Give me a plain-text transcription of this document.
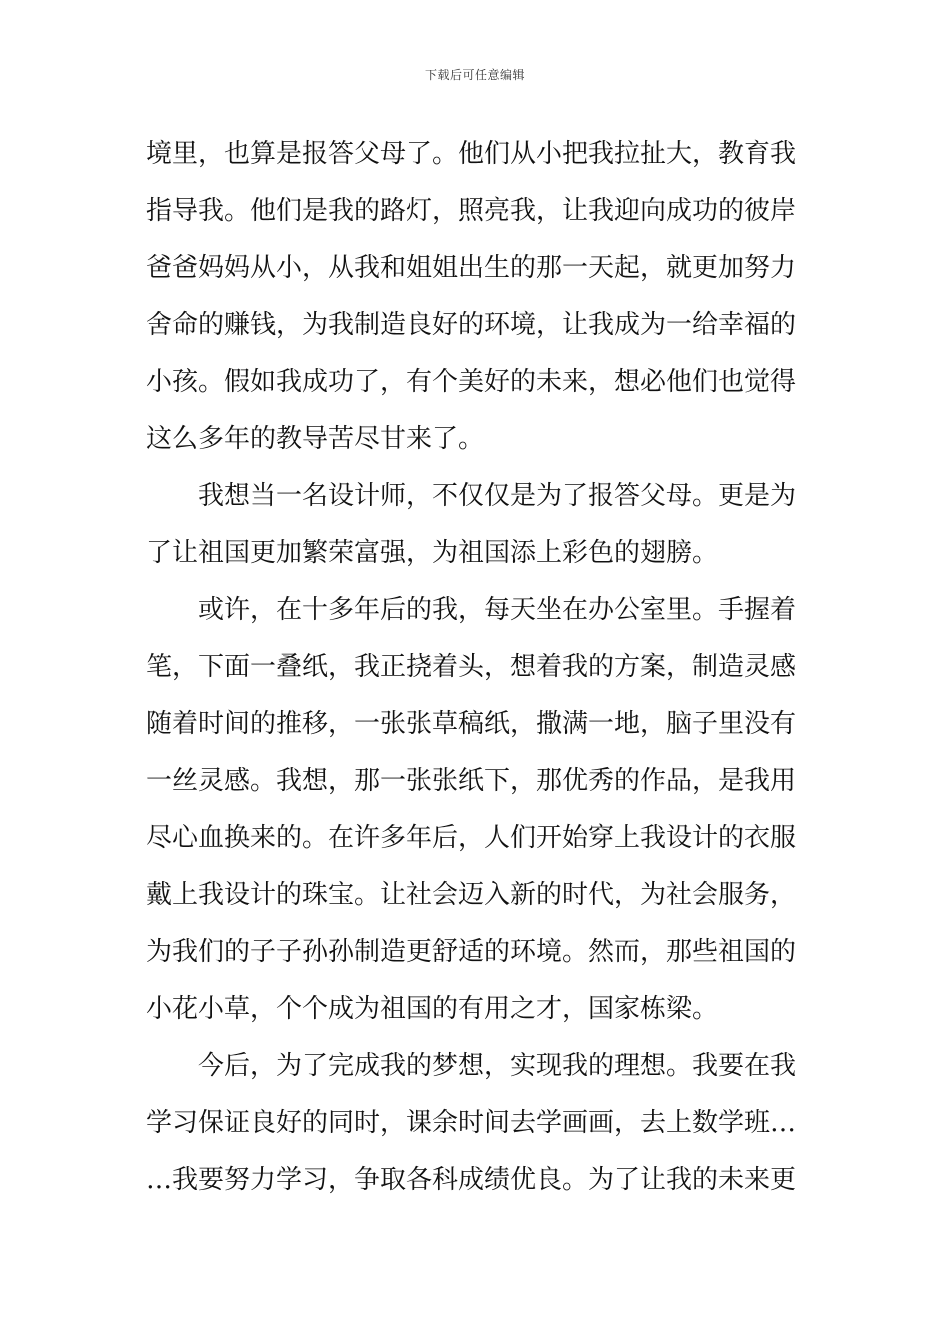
下载后可任意编辑
境里，也算是报答父母了。他们从小把我拉扯大，教育我
指导我。他们是我的路灯，照亮我，让我迎向成功的彼岸
爸爸妈妈从小，从我和姐姐出生的那一天起，就更加努力
舍命的赚钱，为我制造良好的环境，让我成为一给幸福的
小孩。假如我成功了，有个美好的未来，想必他们也觉得
这么多年的教导苦尽甘来了。
我想当一名设计师，不仅仅是为了报答父母。更是为
了让祖国更加繁荣富强，为祖国添上彩色的翅膀。
或许，在十多年后的我，每天坐在办公室里。手握着
笔，下面一叠纸，我正挠着头，想着我的方案，制造灵感
随着时间的推移，一张张草稿纸，撒满一地，脑子里没有
一丝灵感。我想，那一张张纸下，那优秀的作品，是我用
尽心血换来的。在许多年后，人们开始穿上我设计的衣服
戴上我设计的珠宝。让社会迈入新的时代，为社会服务，
为我们的子子孙孙制造更舒适的环境。然而，那些祖国的
小花小草，个个成为祖国的有用之才，国家栋梁。
今后，为了完成我的梦想，实现我的理想。我要在我
学习保证良好的同时，课余时间去学画画，去上数学班…
…我要努力学习，争取各科成绩优良。为了让我的未来更
